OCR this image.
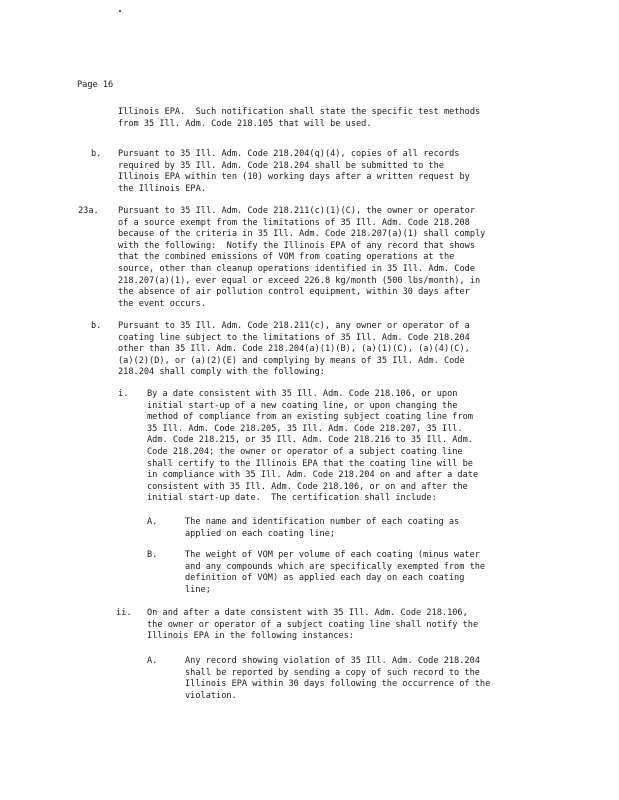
Page 16
Illinois EPA.  Such notification shall state the specific test methods
from 35 Ill. Adm. Code 218.105 that will be used.
b. Pursuant to 35 Ill. Adm. Code 218.204(q)(4), copies of all records
required by 35 Ill. Adm. Code 218.204 shall be submitted to the
Illinois EPA within ten (10) working days after a written request by
the Illinois EPA.
23a. Pursuant to 35 Ill. Adm. Code 218.211(c)(1)(C), the owner or operator
of a source exempt from the limitations of 35 Ill. Adm. Code 218.208
because of the criteria in 35 Ill. Adm. Code 218.207(a)(1) shall comply
with the following:  Notify the Illinois EPA of any record that shows
that the combined emissions of VOM from coating operations at the
source, other than cleanup operations identified in 35 Ill. Adm. Code
218.207(a)(1), ever equal or exceed 226.8 kg/month (500 lbs/month), in
the absence of air pollution control equipment, within 30 days after
the event occurs.
b. Pursuant to 35 Ill. Adm. Code 218.211(c), any owner or operator of a
coating line subject to the limitations of 35 Ill. Adm. Code 218.204
other than 35 Ill. Adm. Code 218.204(a)(1)(B), (a)(1)(C), (a)(4)(C),
(a)(2)(D), or (a)(2)(E) and complying by means of 35 Ill. Adm. Code
218.204 shall comply with the following:
i. By a date consistent with 35 Ill. Adm. Code 218.106, or upon
initial start-up of a new coating line, or upon changing the
method of compliance from an existing subject coating line from
35 Ill. Adm. Code 218.205, 35 Ill. Adm. Code 218.207, 35 Ill.
Adm. Code 218.215, or 35 Ill. Adm. Code 218.216 to 35 Ill. Adm.
Code 218.204; the owner or operator of a subject coating line
shall certify to the Illinois EPA that the coating line will be
in compliance with 35 Ill. Adm. Code 218.204 on and after a date
consistent with 35 Ill. Adm. Code 218.106, or on and after the
initial start-up date.  The certification shall include:
A.	The name and identification number of each coating as
applied on each coating line;
B.	The weight of VOM per volume of each coating (minus water
and any compounds which are specifically exempted from the
definition of VOM) as applied each day on each coating
line;
ii. On and after a date consistent with 35 Ill. Adm. Code 218.106,
the owner or operator of a subject coating line shall notify the
Illinois EPA in the following instances:
A.	Any record showing violation of 35 Ill. Adm. Code 218.204
shall be reported by sending a copy of such record to the
Illinois EPA within 30 days following the occurrence of the
violation.
